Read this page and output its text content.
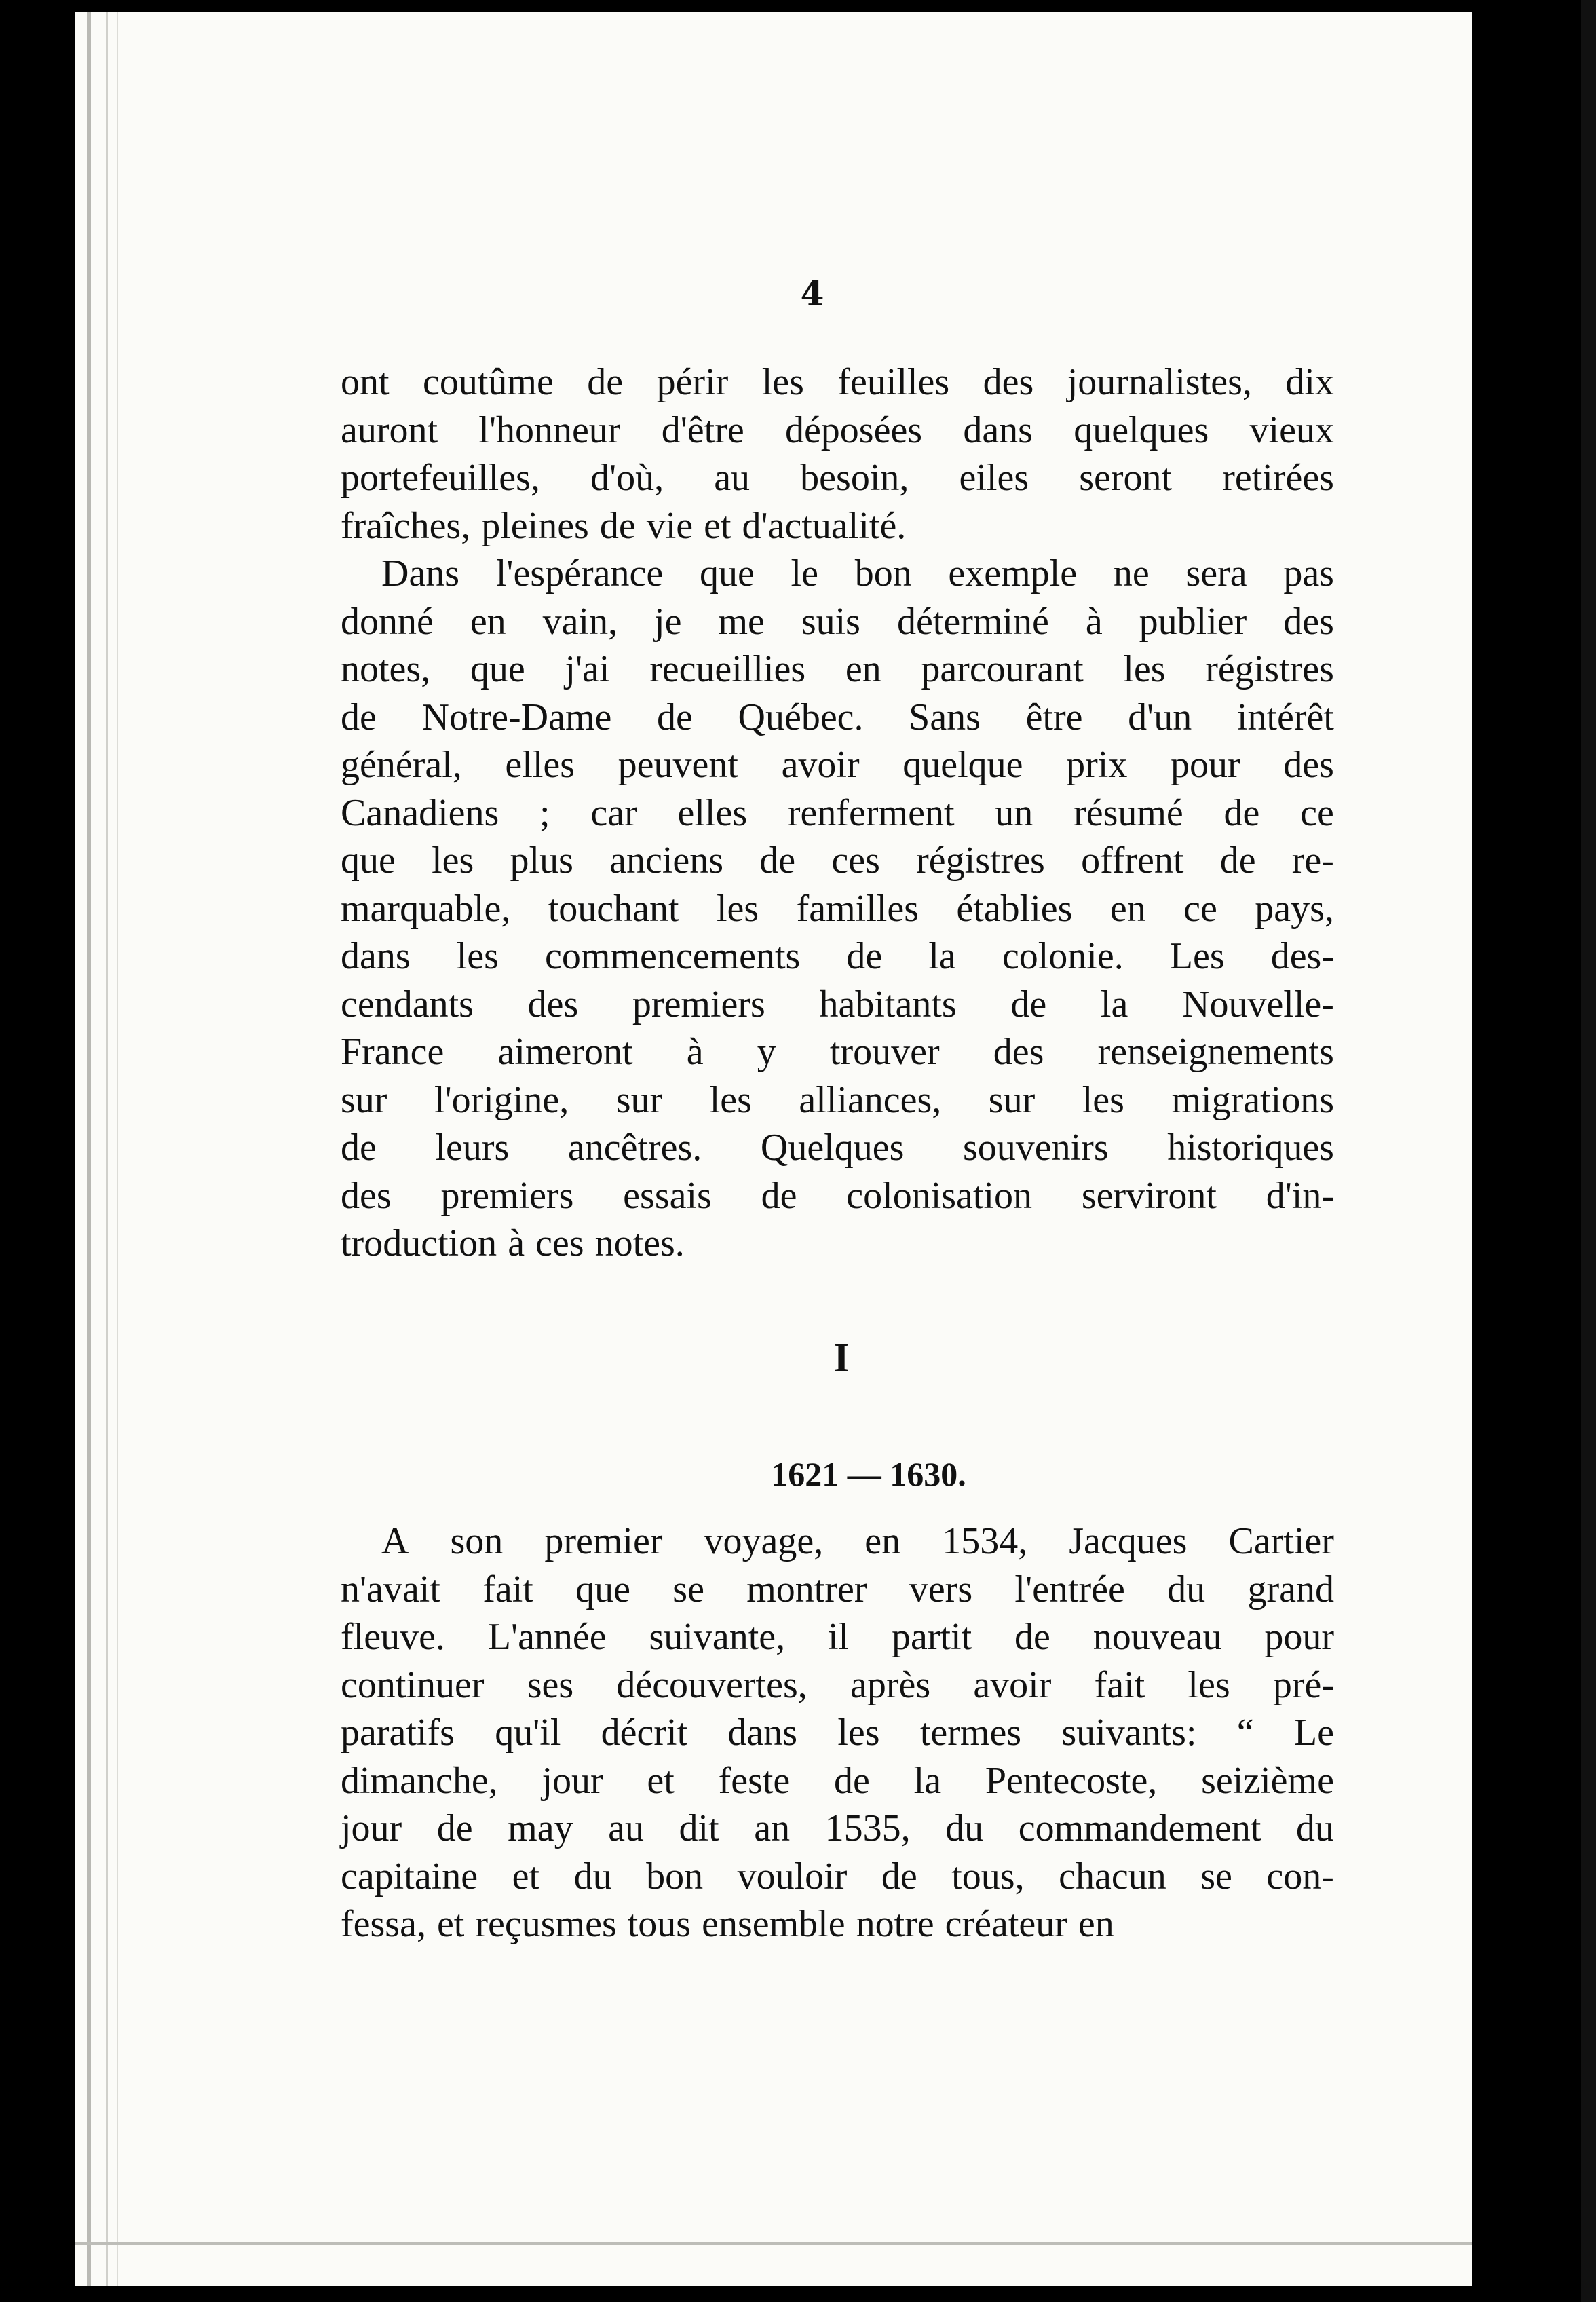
4
ont coutûme de périr les feuilles des journalistes, dix
auront l'honneur d'être déposées dans quelques vieux
portefeuilles, d'où, au besoin, eiles seront retirées
fraîches, pleines de vie et d'actualité.
Dans l'espérance que le bon exemple ne sera pas
donné en vain, je me suis déterminé à publier des
notes, que j'ai recueillies en parcourant les régistres
de Notre-Dame de Québec. Sans être d'un intérêt
général, elles peuvent avoir quelque prix pour des
Canadiens ; car elles renferment un résumé de ce
que les plus anciens de ces régistres offrent de re-
marquable, touchant les familles établies en ce pays,
dans les commencements de la colonie. Les des-
cendants des premiers habitants de la Nouvelle-
France aimeront à y trouver des renseignements
sur l'origine, sur les alliances, sur les migrations
de leurs ancêtres. Quelques souvenirs historiques
des premiers essais de colonisation serviront d'in-
troduction à ces notes.
I
1621 — 1630.
A son premier voyage, en 1534, Jacques Cartier
n'avait fait que se montrer vers l'entrée du grand
fleuve. L'année suivante, il partit de nouveau pour
continuer ses découvertes, après avoir fait les pré-
paratifs qu'il décrit dans les termes suivants: “ Le
dimanche, jour et feste de la Pentecoste, seizième
jour de may au dit an 1535, du commandement du
capitaine et du bon vouloir de tous, chacun se con-
fessa, et reçusmes tous ensemble notre créateur en
